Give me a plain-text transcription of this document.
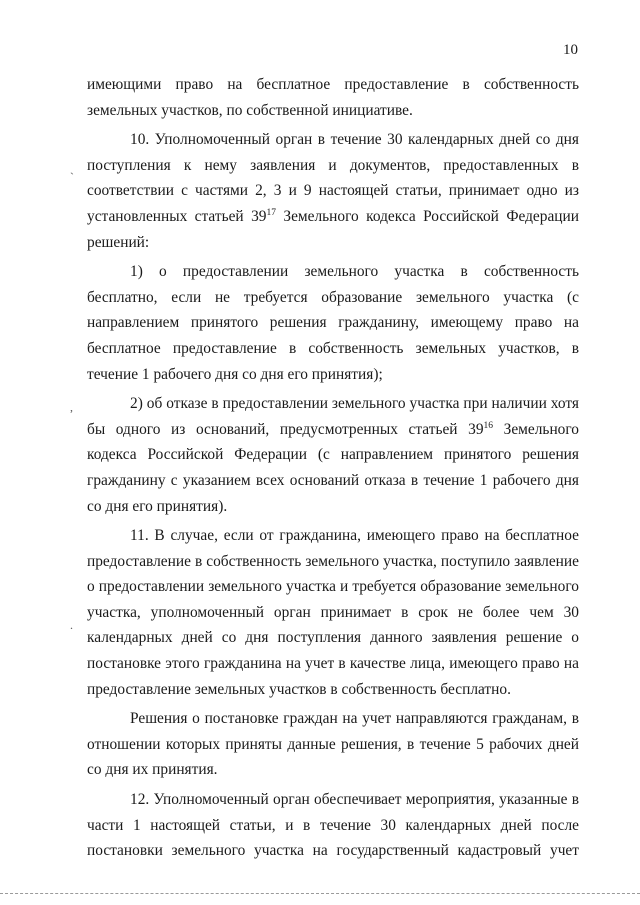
10
`
,
.

имеющими право на бесплатное предоставление в собственность земельных участков, по собственной инициативе.

10. Уполномоченный орган в течение 30 календарных дней со дня поступления к нему заявления и документов, предоставленных в соответствии с частями 2, 3 и 9 настоящей статьи, принимает одно из установленных статьей $39^{17}$ Земельного кодекса Российской Федерации решений:

1) о предоставлении земельного участка в собственность бесплатно, если не требуется образование земельного участка (с направлением принятого решения гражданину, имеющему право на бесплатное предоставление в собственность земельных участков, в течение 1 рабочего дня со дня его принятия);

2) об отказе в предоставлении земельного участка при наличии хотя бы одного из оснований, предусмотренных статьей $39^{16}$ Земельного кодекса Российской Федерации (с направлением принятого решения гражданину с указанием всех оснований отказа в течение 1 рабочего дня со дня его принятия).

11. В случае, если от гражданина, имеющего право на бесплатное предоставление в собственность земельного участка, поступило заявление о предоставлении земельного участка и требуется образование земельного участка, уполномоченный орган принимает в срок не более чем 30 календарных дней со дня поступления данного заявления решение о постановке этого гражданина на учет в качестве лица, имеющего право на предоставление земельных участков в собственность бесплатно.

Решения о постановке граждан на учет направляются гражданам, в отношении которых приняты данные решения, в течение 5 рабочих дней со дня их принятия.

12. Уполномоченный орган обеспечивает мероприятия, указанные в части 1 настоящей статьи, и в течение 30 календарных дней после постановки земельного участка на государственный кадастровый учет
